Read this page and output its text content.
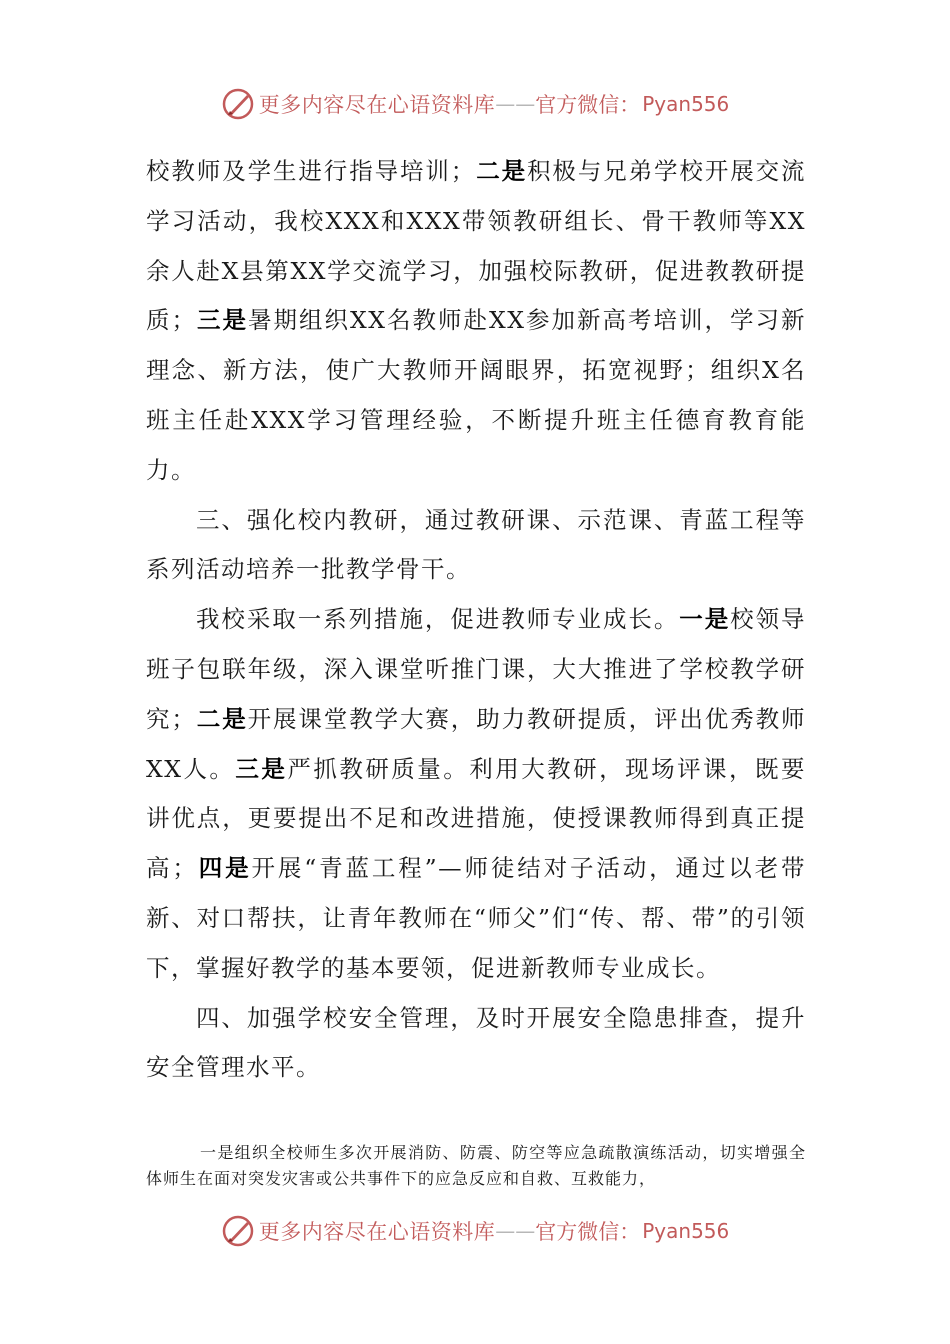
更多内容尽在心语资料库 —— 官方微信： Pyan556

校教师及学生进行指导培训；二是积极与兄弟学校开展交流学习活动，我校XXX和XXX带领教研组长、骨干教师等XX余人赴X县第XX学交流学习，加强校际教研，促进教教研提质；三是暑期组织XX名教师赴XX参加新高考培训，学习新理念、新方法，使广大教师开阔眼界，拓宽视野；组织X名班主任赴XXX学习管理经验，不断提升班主任德育教育能力。

三、强化校内教研，通过教研课、示范课、青蓝工程等系列活动培养一批教学骨干。

我校采取一系列措施，促进教师专业成长。一是校领导班子包联年级，深入课堂听推门课，大大推进了学校教学研究；二是开展课堂教学大赛，助力教研提质，评出优秀教师XX人。三是严抓教研质量。利用大教研，现场评课，既要讲优点，更要提出不足和改进措施，使授课教师得到真正提高；四是开展“青蓝工程”—师徒结对子活动，通过以老带新、对口帮扶，让青年教师在“师父”们“传、帮、带”的引领下，掌握好教学的基本要领，促进新教师专业成长。

四、加强学校安全管理，及时开展安全隐患排查，提升安全管理水平。

一是组织全校师生多次开展消防、防震、防空等应急疏散演练活动，切实增强全体师生在面对突发灾害或公共事件下的应急反应和自救、互救能力，

更多内容尽在心语资料库 —— 官方微信： Pyan556
